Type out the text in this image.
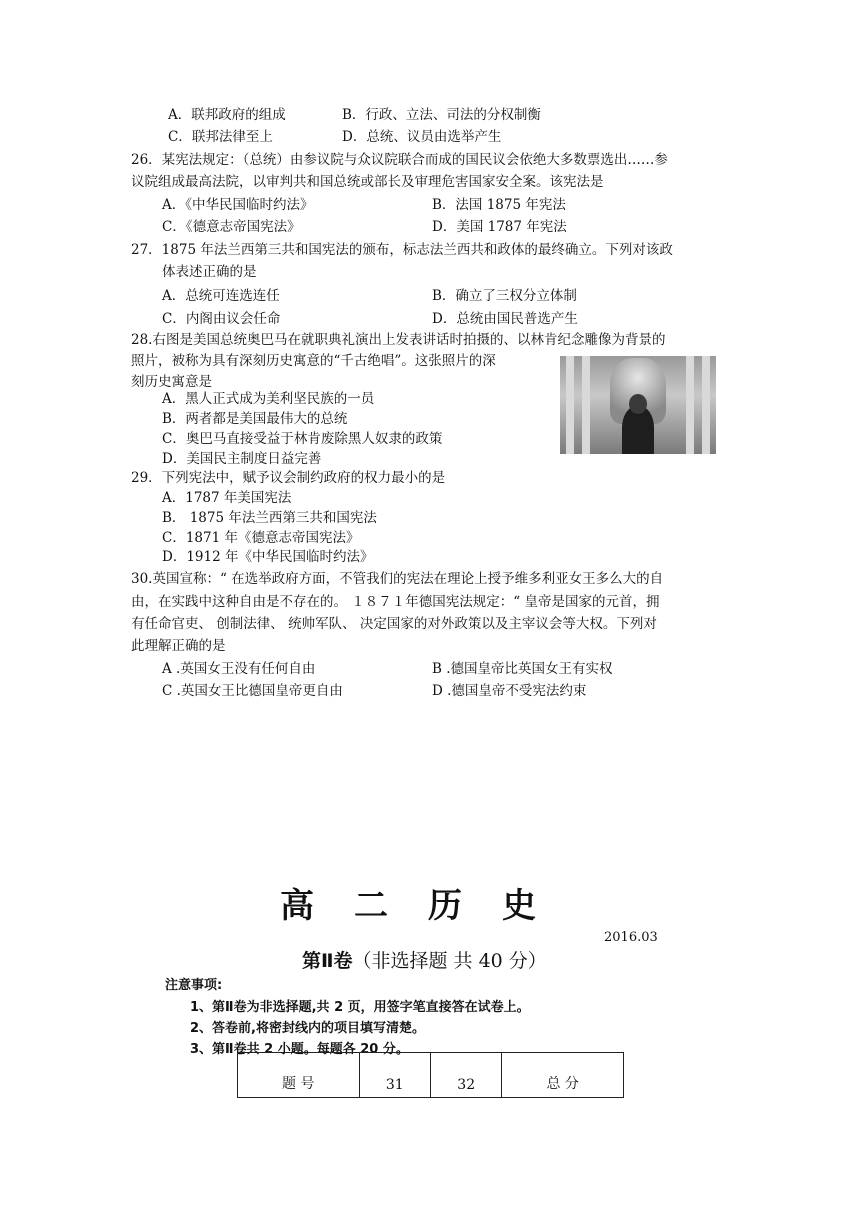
A．联邦政府的组成	B．行政、立法、司法的分权制衡
C．联邦法律至上	D．总统、议员由选举产生
26．某宪法规定：（总统）由参议院与众议院联合而成的国民议会依绝大多数票选出……参
议院组成最高法院，以审判共和国总统或部长及审理危害国家安全案。该宪法是
A．《中华民国临时约法》	B．法国 1875 年宪法
C．《德意志帝国宪法》	D．美国 1787 年宪法
27．1875 年法兰西第三共和国宪法的颁布，标志法兰西共和政体的最终确立。下列对该政
体表述正确的是
A．总统可连选连任	B．确立了三权分立体制
C．内阁由议会任命	D．总统由国民普选产生
28.右图是美国总统奥巴马在就职典礼演出上发表讲话时拍摄的、以林肯纪念雕像为背景的
照片，被称为具有深刻历史寓意的“千古绝唱”。这张照片的深
刻历史寓意是
A．黑人正式成为美利坚民族的一员
B．两者都是美国最伟大的总统
C．奥巴马直接受益于林肯废除黑人奴隶的政策
D．美国民主制度日益完善
29．下列宪法中，赋予议会制约政府的权力最小的是
A．1787 年美国宪法
B． 1875 年法兰西第三共和国宪法
C．1871 年《德意志帝国宪法》
D．1912 年《中华民国临时约法》
30.英国宣称：“ 在选举政府方面，不管我们的宪法在理论上授予维多利亚女王多么大的自
由，在实践中这种自由是不存在的。 １８７１年德国宪法规定：“ 皇帝是国家的元首，拥
有任命官吏、 创制法律、 统帅军队、 决定国家的对外政策以及主宰议会等大权。下列对
此理解正确的是
A .英国女王没有任何自由	B .德国皇帝比英国女王有实权
C .英国女王比德国皇帝更自由	D .德国皇帝不受宪法约束
高二历史
2016.03
第Ⅱ卷（非选择题 共 40 分）
注意事项:
1、第Ⅱ卷为非选择题,共 2 页，用签字笔直接答在试卷上。
2、答卷前,将密封线内的项目填写清楚。
3、第Ⅱ卷共 2 小题。每题各 20 分。
题 号	31	32	总 分
